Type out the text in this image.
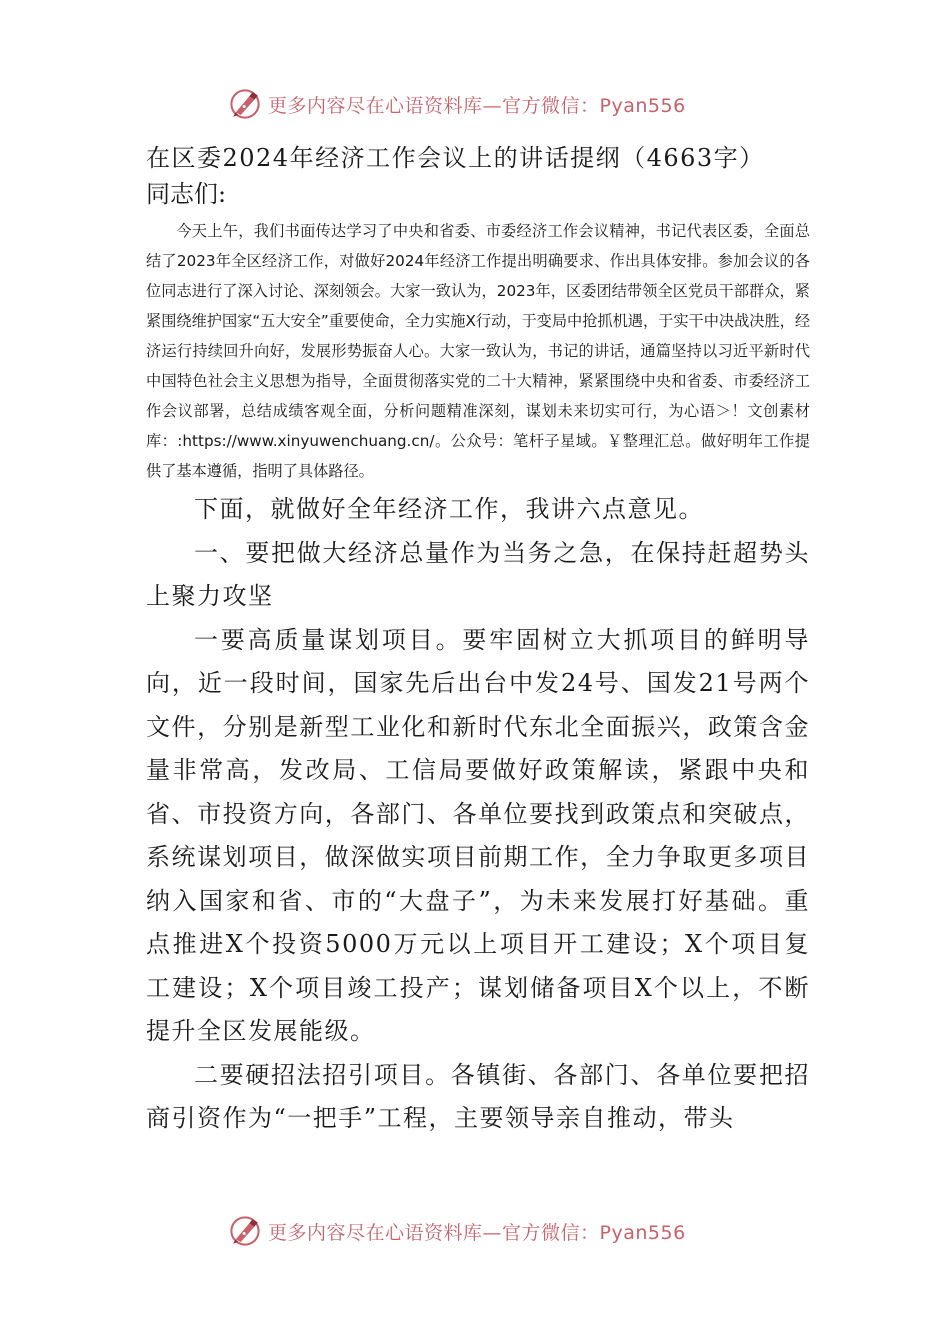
更多内容尽在心语资料库—官方微信：Pyan556

在区委2024年经济工作会议上的讲话提纲（4663字）

同志们:

今天上午，我们书面传达学习了中央和省委、市委经济工作会议精神，书记代表区委，全面总结了2023年全区经济工作，对做好2024年经济工作提出明确要求、作出具体安排。参加会议的各位同志进行了深入讨论、深刻领会。大家一致认为，2023年，区委团结带领全区党员干部群众，紧紧围绕维护国家“五大安全”重要使命，全力实施X行动，于变局中抢抓机遇，于实干中决战决胜，经济运行持续回升向好，发展形势振奋人心。大家一致认为，书记的讲话，通篇坚持以习近平新时代中国特色社会主义思想为指导，全面贯彻落实党的二十大精神，紧紧围绕中央和省委、市委经济工作会议部署，总结成绩客观全面，分析问题精准深刻，谋划未来切实可行，为心语＞！文创素材库：:https://www.xinyuwenchuang.cn/。公众号：笔杆子星域。￥整理汇总。做好明年工作提供了基本遵循，指明了具体路径。

下面，就做好全年经济工作，我讲六点意见。

一、要把做大经济总量作为当务之急，在保持赶超势头上聚力攻坚

一要高质量谋划项目。要牢固树立大抓项目的鲜明导向，近一段时间，国家先后出台中发24号、国发21号两个文件，分别是新型工业化和新时代东北全面振兴，政策含金量非常高，发改局、工信局要做好政策解读，紧跟中央和省、市投资方向，各部门、各单位要找到政策点和突破点，系统谋划项目，做深做实项目前期工作，全力争取更多项目纳入国家和省、市的“大盘子”，为未来发展打好基础。重点推进X个投资5000万元以上项目开工建设；X个项目复工建设；X个项目竣工投产；谋划储备项目X个以上，不断提升全区发展能级。

二要硬招法招引项目。各镇街、各部门、各单位要把招商引资作为“一把手”工程，主要领导亲自推动，带头

更多内容尽在心语资料库—官方微信：Pyan556
